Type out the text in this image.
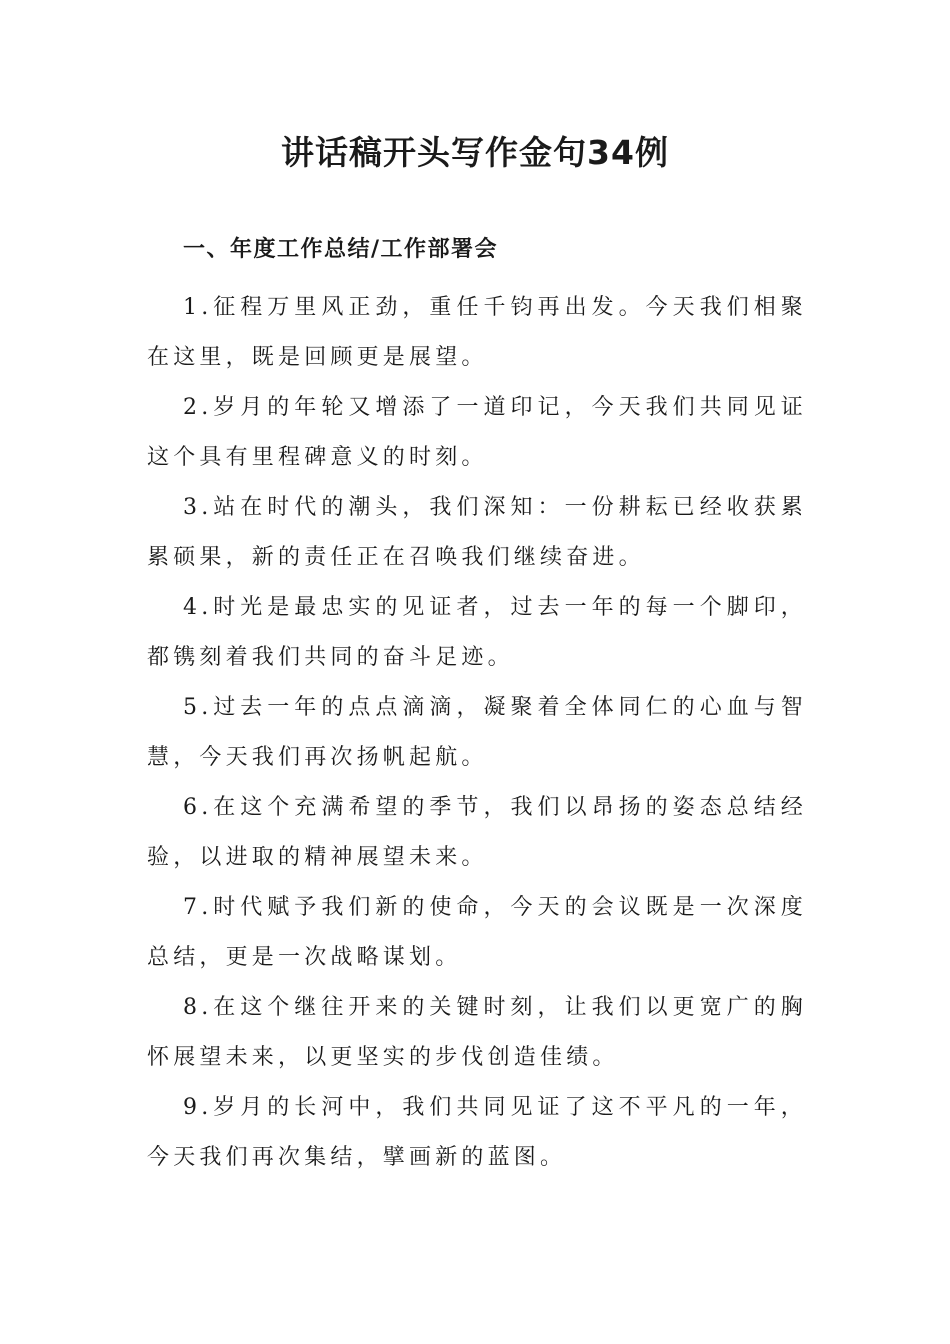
讲话稿开头写作金句34例
一、年度工作总结/工作部署会

1.征程万里风正劲，重任千钧再出发。今天我们相聚在这里，既是回顾更是展望。

2.岁月的年轮又增添了一道印记，今天我们共同见证这个具有里程碑意义的时刻。

3.站在时代的潮头，我们深知：一份耕耘已经收获累累硕果，新的责任正在召唤我们继续奋进。

4.时光是最忠实的见证者，过去一年的每一个脚印，都镌刻着我们共同的奋斗足迹。

5.过去一年的点点滴滴，凝聚着全体同仁的心血与智慧，今天我们再次扬帆起航。

6.在这个充满希望的季节，我们以昂扬的姿态总结经验，以进取的精神展望未来。

7.时代赋予我们新的使命，今天的会议既是一次深度总结，更是一次战略谋划。

8.在这个继往开来的关键时刻，让我们以更宽广的胸怀展望未来，以更坚实的步伐创造佳绩。

9.岁月的长河中，我们共同见证了这不平凡的一年，今天我们再次集结，擘画新的蓝图。
